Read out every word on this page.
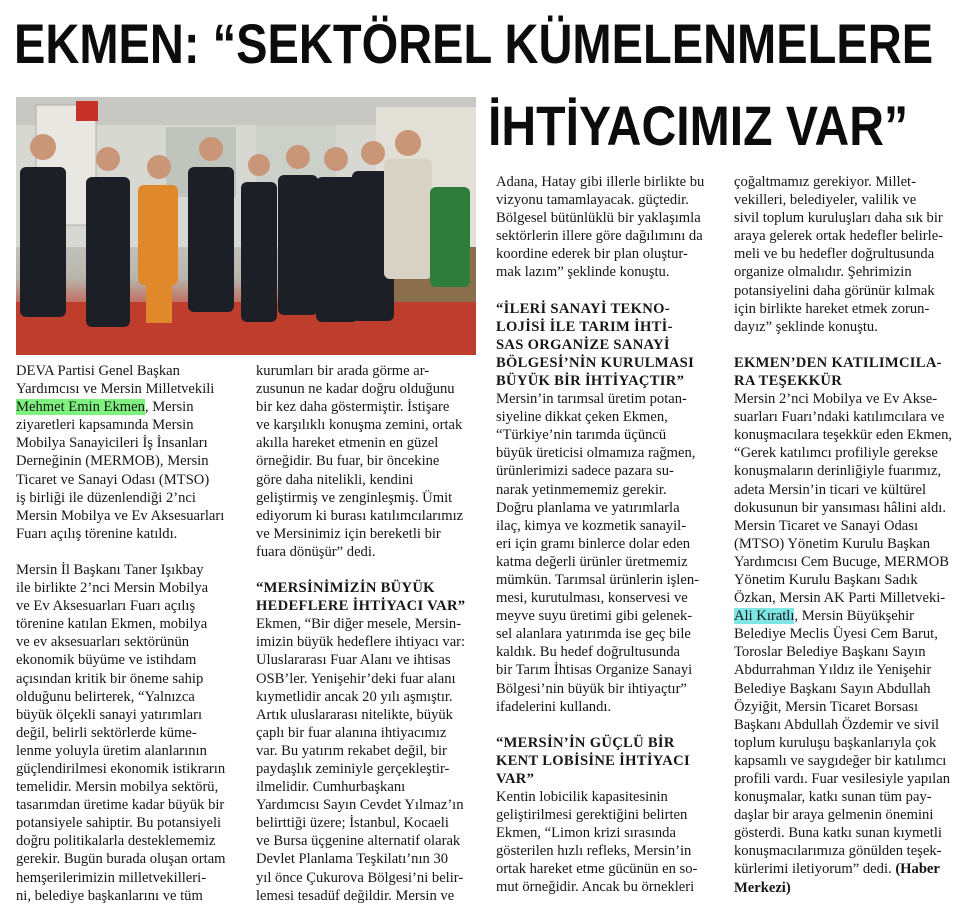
EKMEN: “SEKTÖREL KÜMELENMELERE
İHTİYACIMIZ VAR”

DEVA Partisi Genel Başkan

Yardımcısı ve Mersin Milletvekili

Mehmet Emin Ekmen, Mersin

ziyaretleri kapsamında Mersin

Mobilya Sanayicileri İş İnsanları

Derneğinin (MERMOB), Mersin

Ticaret ve Sanayi Odası (MTSO)

iş birliği ile düzenlendiği 2’nci

Mersin Mobilya ve Ev Aksesuarları

Fuarı açılış törenine katıldı.

Mersin İl Başkanı Taner Işıkbay

ile birlikte 2’nci Mersin Mobilya

ve Ev Aksesuarları Fuarı açılış

törenine katılan Ekmen, mobilya

ve ev aksesuarları sektörünün

ekonomik büyüme ve istihdam

açısından kritik bir öneme sahip

olduğunu belirterek, “Yalnızca

büyük ölçekli sanayi yatırımları

değil, belirli sektörlerde küme-

lenme yoluyla üretim alanlarının

güçlendirilmesi ekonomik istikrarın

temelidir. Mersin mobilya sektörü,

tasarımdan üretime kadar büyük bir

potansiyele sahiptir. Bu potansiyeli

doğru politikalarla desteklememiz

gerekir. Bugün burada oluşan ortam

hemşerilerimizin milletvekilleri-

ni, belediye başkanlarını ve tüm

kurumları bir arada görme ar-

zusunun ne kadar doğru olduğunu

bir kez daha göstermiştir. İstişare

ve karşılıklı konuşma zemini, ortak

akılla hareket etmenin en güzel

örneğidir. Bu fuar, bir öncekine

göre daha nitelikli, kendini

geliştirmiş ve zenginleşmiş. Ümit

ediyorum ki burası katılımcılarımız

ve Mersinimiz için bereketli bir

fuara dönüşür” dedi.

“MERSİNİMİZİN BÜYÜK

HEDEFLERE İHTİYACI VAR”

Ekmen, “Bir diğer mesele, Mersin-

imizin büyük hedeflere ihtiyacı var:

Uluslararası Fuar Alanı ve ihtisas

OSB’ler. Yenişehir’deki fuar alanı

kıymetlidir ancak 20 yılı aşmıştır.

Artık uluslararası nitelikte, büyük

çaplı bir fuar alanına ihtiyacımız

var. Bu yatırım rekabet değil, bir

paydaşlık zeminiyle gerçekleştir-

ilmelidir. Cumhurbaşkanı

Yardımcısı Sayın Cevdet Yılmaz’ın

belirttiği üzere; İstanbul, Kocaeli

ve Bursa üçgenine alternatif olarak

Devlet Planlama Teşkilatı’nın 30

yıl önce Çukurova Bölgesi’ni belir-

lemesi tesadüf değildir. Mersin ve

Adana, Hatay gibi illerle birlikte bu

vizyonu tamamlayacak. güçtedir.

Bölgesel bütünlüklü bir yaklaşımla

sektörlerin illere göre dağılımını da

koordine ederek bir plan oluştur-

mak lazım” şeklinde konuştu.

“İLERİ SANAYİ TEKNO-

LOJİSİ İLE TARIM İHTİ-

SAS ORGANİZE SANAYİ

BÖLGESİ’NİN KURULMASI

BÜYÜK BİR İHTİYAÇTIR”

Mersin’in tarımsal üretim potan-

siyeline dikkat çeken Ekmen,

“Türkiye’nin tarımda üçüncü

büyük üreticisi olmamıza rağmen,

ürünlerimizi sadece pazara su-

narak yetinmememiz gerekir.

Doğru planlama ve yatırımlarla

ilaç, kimya ve kozmetik sanayil-

eri için gramı binlerce dolar eden

katma değerli ürünler üretmemiz

mümkün. Tarımsal ürünlerin işlen-

mesi, kurutulması, konservesi ve

meyve suyu üretimi gibi gelenek-

sel alanlara yatırımda ise geç bile

kaldık. Bu hedef doğrultusunda

bir Tarım İhtisas Organize Sanayi

Bölgesi’nin büyük bir ihtiyaçtır”

ifadelerini kullandı.

“MERSİN’İN GÜÇLÜ BİR

KENT LOBİSİNE İHTİYACI

VAR”

Kentin lobicilik kapasitesinin

geliştirilmesi gerektiğini belirten

Ekmen, “Limon krizi sırasında

gösterilen hızlı refleks, Mersin’in

ortak hareket etme gücünün en so-

mut örneğidir. Ancak bu örnekleri

çoğaltmamız gerekiyor. Millet-

vekilleri, belediyeler, valilik ve

sivil toplum kuruluşları daha sık bir

araya gelerek ortak hedefler belirle-

meli ve bu hedefler doğrultusunda

organize olmalıdır. Şehrimizin

potansiyelini daha görünür kılmak

için birlikte hareket etmek zorun-

dayız” şeklinde konuştu.

EKMEN’DEN KATILIMCILA-

RA TEŞEKKÜR

Mersin 2’nci Mobilya ve Ev Akse-

suarları Fuarı’ndaki katılımcılara ve

konuşmacılara teşekkür eden Ekmen,

“Gerek katılımcı profiliyle gerekse

konuşmaların derinliğiyle fuarımız,

adeta Mersin’in ticari ve kültürel

dokusunun bir yansıması hâlini aldı.

Mersin Ticaret ve Sanayi Odası

(MTSO) Yönetim Kurulu Başkan

Yardımcısı Cem Bucuge, MERMOB

Yönetim Kurulu Başkanı Sadık

Özkan, Mersin AK Parti Milletveki-

Ali Kıratlı, Mersin Büyükşehir

Belediye Meclis Üyesi Cem Barut,

Toroslar Belediye Başkanı Sayın

Abdurrahman Yıldız ile Yenişehir

Belediye Başkanı Sayın Abdullah

Özyiğit, Mersin Ticaret Borsası

Başkanı Abdullah Özdemir ve sivil

toplum kuruluşu başkanlarıyla çok

kapsamlı ve saygıdeğer bir katılımcı

profili vardı. Fuar vesilesiyle yapılan

konuşmalar, katkı sunan tüm pay-

daşlar bir araya gelmenin önemini

gösterdi. Buna katkı sunan kıymetli

konuşmacılarımıza gönülden teşek-

kürlerimi iletiyorum” dedi. (Haber

Merkezi)
